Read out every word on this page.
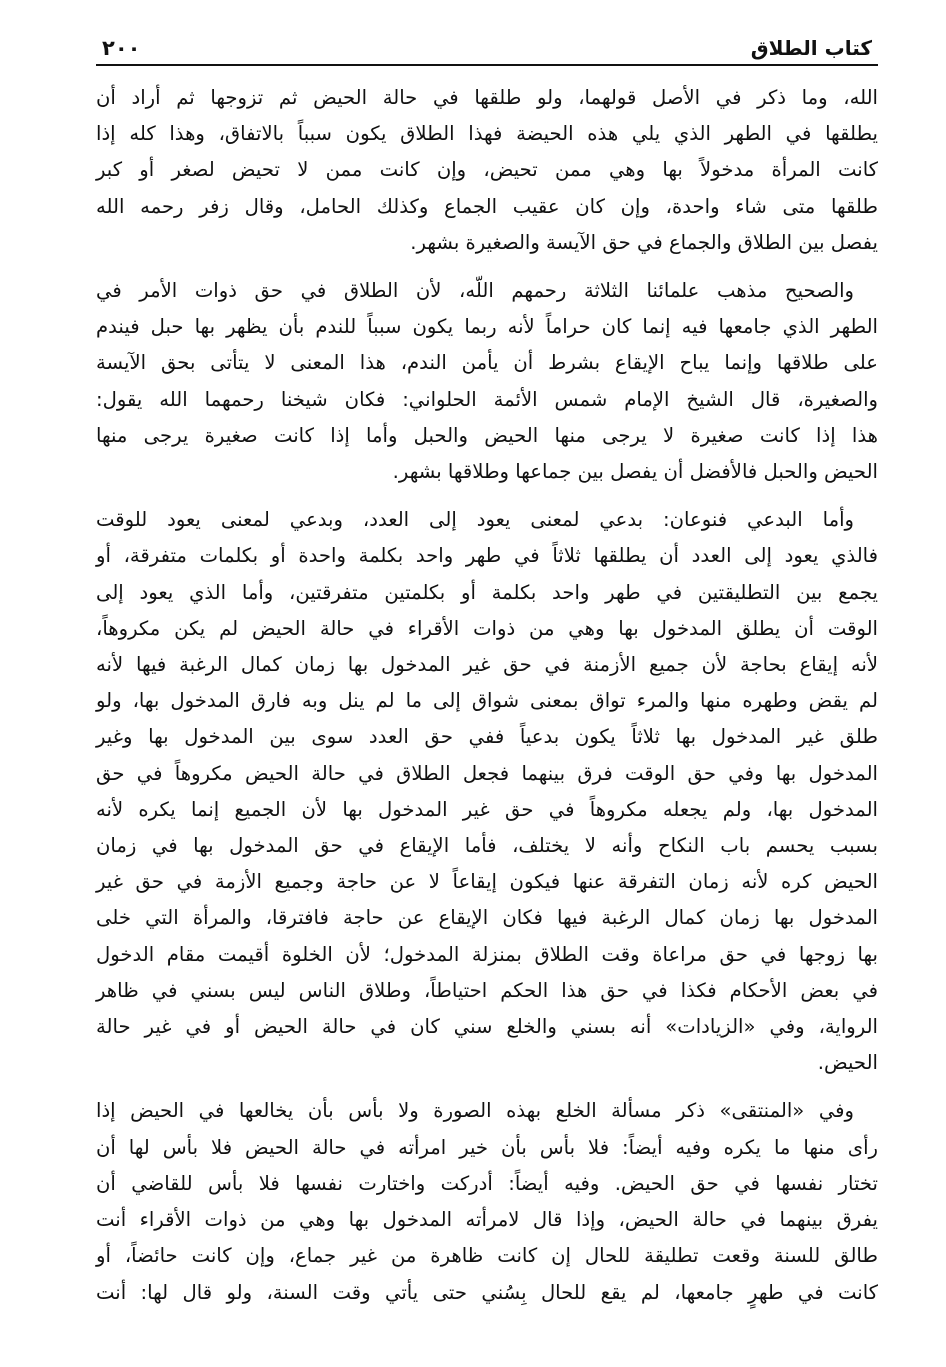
كتاب الطلاق
٢٠٠
الله، وما ذكر في الأصل قولهما، ولو طلقها في حالة الحيض ثم تزوجها ثم أراد أن
يطلقها في الطهر الذي يلي هذه الحيضة فهذا الطلاق يكون سبباً بالاتفاق، وهذا كله إذا
كانت المرأة مدخولاً بها وهي ممن تحيض، وإن كانت ممن لا تحيض لصغر أو كبر
طلقها متى شاء واحدة، وإن كان عقيب الجماع وكذلك الحامل، وقال زفر رحمه الله
يفصل بين الطلاق والجماع في حق الآيسة والصغيرة بشهر.
والصحيح مذهب علمائنا الثلاثة رحمهم اللّه، لأن الطلاق في حق ذوات الأمر في
الطهر الذي جامعها فيه إنما كان حراماً لأنه ربما يكون سبباً للندم بأن يظهر بها حبل فيندم
على طلاقها وإنما يباح الإيقاع بشرط أن يأمن الندم، هذا المعنى لا يتأتى بحق الآيسة
والصغيرة، قال الشيخ الإمام شمس الأئمة الحلواني: فكان شيخنا رحمهما الله يقول:
هذا إذا كانت صغيرة لا يرجى منها الحيض والحبل وأما إذا كانت صغيرة يرجى منها
الحيض والحبل فالأفضل أن يفصل بين جماعها وطلاقها بشهر.
وأما البدعي فنوعان: بدعي لمعنى يعود إلى العدد، وبدعي لمعنى يعود للوقت
فالذي يعود إلى العدد أن يطلقها ثلاثاً في طهر واحد بكلمة واحدة أو بكلمات متفرقة، أو
يجمع بين التطليقتين في طهر واحد بكلمة أو بكلمتين متفرقتين، وأما الذي يعود إلى
الوقت أن يطلق المدخول بها وهي من ذوات الأقراء في حالة الحيض لم يكن مكروهاً،
لأنه إيقاع بحاجة لأن جميع الأزمنة في حق غير المدخول بها زمان كمال الرغبة فيها لأنه
لم يقض وطهره منها والمرء تواق بمعنى شواق إلى ما لم ينل وبه فارق المدخول بها، ولو
طلق غير المدخول بها ثلاثاً يكون بدعياً ففي حق العدد سوى بين المدخول بها وغير
المدخول بها وفي حق الوقت فرق بينهما فجعل الطلاق في حالة الحيض مكروهاً في حق
المدخول بها، ولم يجعله مكروهاً في حق غير المدخول بها لأن الجميع إنما يكره لأنه
بسبب يحسم باب النكاح وأنه لا يختلف، فأما الإيقاع في حق المدخول بها في زمان
الحيض كره لأنه زمان التفرقة عنها فيكون إيقاعاً لا عن حاجة وجميع الأزمة في حق غير
المدخول بها زمان كمال الرغبة فيها فكان الإيقاع عن حاجة فافترقا، والمرأة التي خلى
بها زوجها في حق مراعاة وقت الطلاق بمنزلة المدخول؛ لأن الخلوة أقيمت مقام الدخول
في بعض الأحكام فكذا في حق هذا الحكم احتياطاً، وطلاق الناس ليس بسني في ظاهر
الرواية، وفي «الزيادات» أنه بسني والخلع سني كان في حالة الحيض أو في غير حالة
الحيض.
وفي «المنتقى» ذكر مسألة الخلع بهذه الصورة ولا بأس بأن يخالعها في الحيض إذا
رأى منها ما يكره وفيه أيضاً: فلا بأس بأن خير امرأته في حالة الحيض فلا بأس لها أن
تختار نفسها في حق الحيض. وفيه أيضاً: أدركت واختارت نفسها فلا بأس للقاضي أن
يفرق بينهما في حالة الحيض، وإذا قال لامرأته المدخول بها وهي من ذوات الأقراء أنت
طالق للسنة وقعت تطليقة للحال إن كانت ظاهرة من غير جماع، وإن كانت حائضاً، أو
كانت في طهرٍ جامعها، لم يقع للحال بِسُني حتى يأتي وقت السنة، ولو قال لها: أنت
